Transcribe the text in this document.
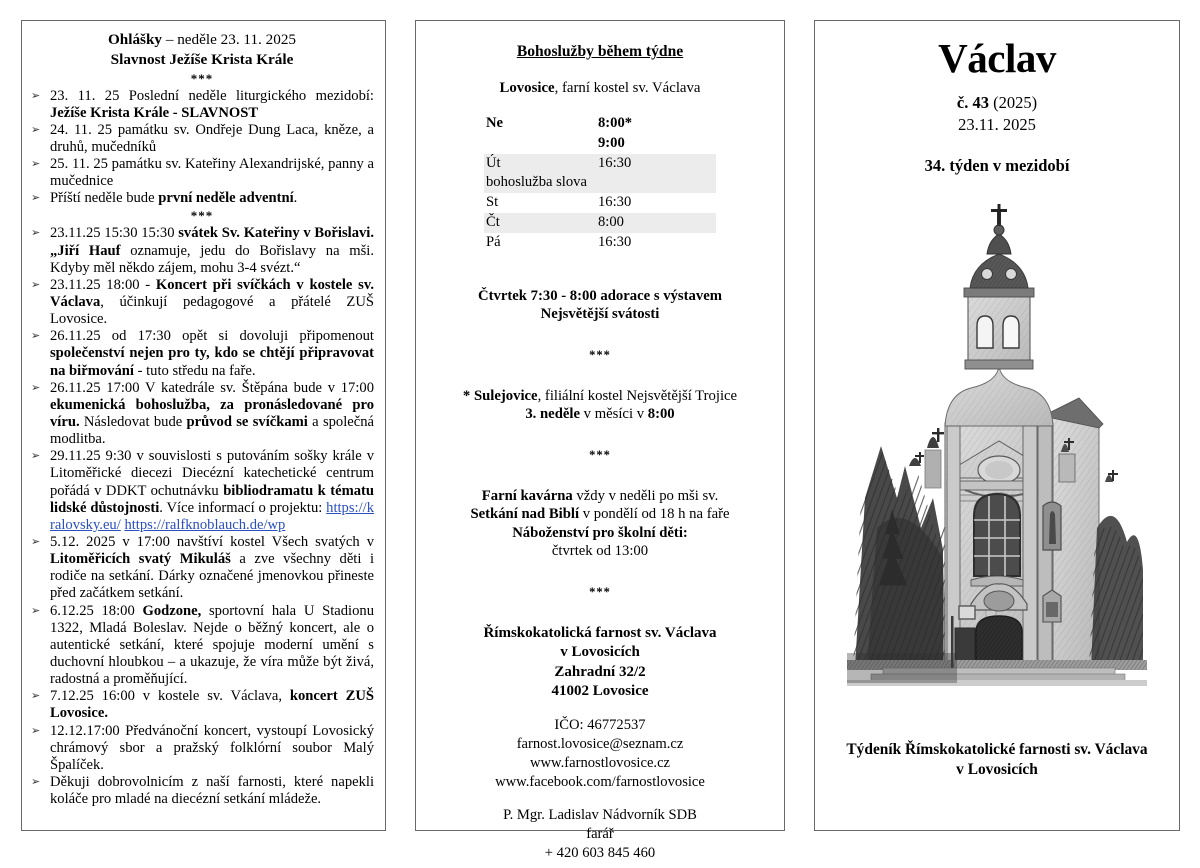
Ohlášky – neděle 23. 11. 2025
Slavnost Ježíše Krista Krále
***
➢ 23. 11. 25 Poslední neděle liturgického mezidobí: Ježíše Krista Krále - SLAVNOST
➢ 24. 11. 25 památku sv. Ondřeje Dung Laca, kněze, a druhů, mučedníků
➢ 25. 11. 25 památku sv. Kateřiny Alexandrijské, panny a mučednice
➢ Příští neděle bude první neděle adventní.
***
➢ 23.11.25 15:30 15:30 svátek Sv. Kateřiny v Bořislavi. „Jiří Hauf oznamuje, jedu do Bořislavy na mši. Kdyby měl někdo zájem, mohu 3-4 svézt.“
➢ 23.11.25 18:00 - Koncert při svíčkách v kostele sv. Václava, účinkují pedagogové a přátelé ZUŠ Lovosice.
➢ 26.11.25 od 17:30 opět si dovoluji připomenout společenství nejen pro ty, kdo se chtějí připravovat na biřmování - tuto středu na faře.
➢ 26.11.25 17:00 V katedrále sv. Štěpána bude v 17:00 ekumenická bohoslužba, za pronásledované pro víru. Následovat bude průvod se svíčkami a společná modlitba.
➢ 29.11.25 9:30 v souvislosti s putováním sošky krále v Litoměřické diecezi Diecézní katechetické centrum pořádá v DDKT ochutnávku bibliodramatu k tématu lidské důstojnosti. Více informací o projektu: https://kralovsky.eu/ https://ralfknoblauch.de/wp
➢ 5.12. 2025 v 17:00 navštíví kostel Všech svatých v Litoměřicích svatý Mikuláš a zve všechny děti i rodiče na setkání. Dárky označené jmenovkou přineste před začátkem setkání.
➢ 6.12.25 18:00 Godzone, sportovní hala U Stadionu 1322, Mladá Boleslav. Nejde o běžný koncert, ale o autentické setkání, které spojuje moderní umění s duchovní hloubkou – a ukazuje, že víra může být živá, radostná a proměňující.
➢ 7.12.25 16:00 v kostele sv. Václava, koncert ZUŠ Lovosice.
➢ 12.12.17:00 Předvánoční koncert, vystoupí Lovosický chrámový sbor a pražský folklórní soubor Malý Špalíček.
➢ Děkuji dobrovolnicím z naší farnosti, které napekli koláče pro mladé na diecézní setkání mládeže.
Bohoslužby během týdne
Lovosice, farní kostel sv. Václava
Ne	8:00*
	9:00
Út	16:30
bohoslužba slova	
St	16:30
Čt	8:00
Pá	16:30
Čtvrtek 7:30 - 8:00 adorace s výstavem
Nejsvětější svátosti
***
* Sulejovice, filiální kostel Nejsvětější Trojice
3. neděle v měsíci v 8:00
***
Farní kavárna vždy v neděli po mši sv.
Setkání nad Biblí v pondělí od 18 h na faře
Náboženství pro školní děti:
čtvrtek od 13:00
***
Římskokatolická farnost sv. Václava
v Lovosicích
Zahradní 32/2
41002 Lovosice
IČO: 46772537
farnost.lovosice@seznam.cz
www.farnostlovosice.cz
www.facebook.com/farnostlovosice
P. Mgr. Ladislav Nádvorník SDB
farář
+ 420 603 845 460
Václav
č. 43 (2025)
23.11. 2025
34. týden v mezidobí
Týdeník Římskokatolické farnosti sv. Václava
v Lovosicích
